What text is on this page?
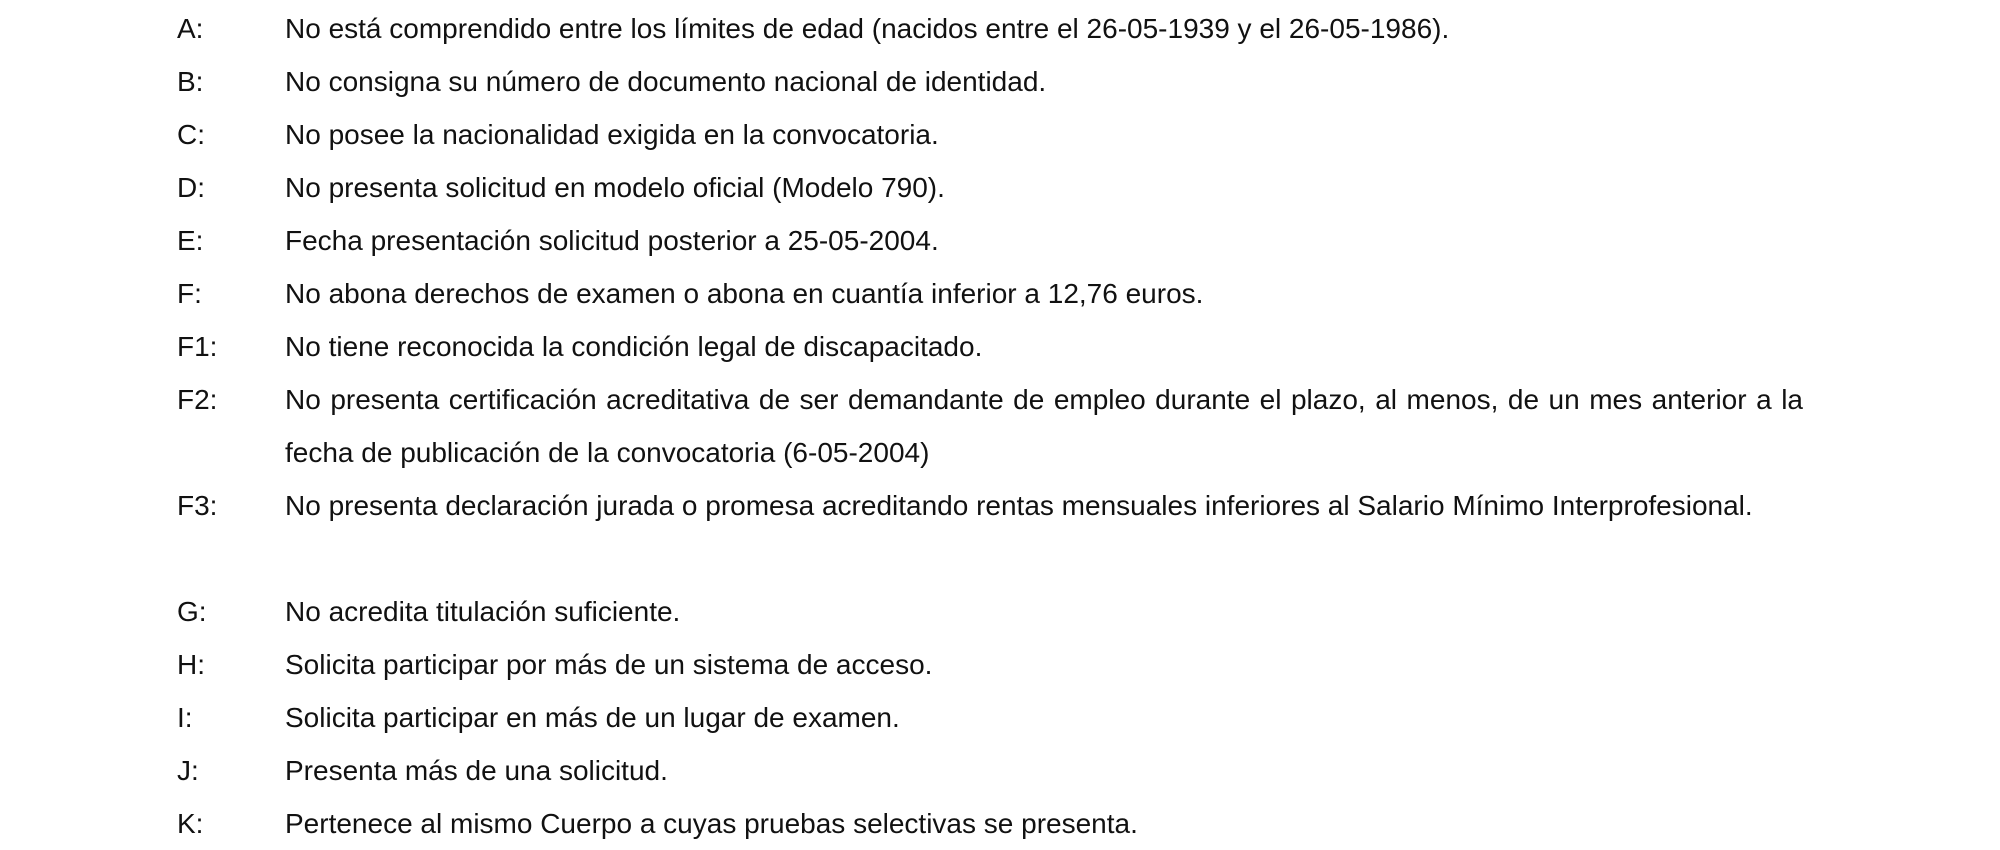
A:	No está comprendido entre los límites de edad (nacidos entre el 26-05-1939 y el 26-05-1986).
B:	No consigna su número de documento nacional de identidad.
C:	No posee la nacionalidad exigida en la convocatoria.
D:	No presenta solicitud en modelo oficial (Modelo 790).
E:	Fecha presentación solicitud posterior a 25-05-2004.
F:	No abona derechos de examen o abona en cuantía inferior a 12,76 euros.
F1: No tiene reconocida la condición legal de discapacitado.
F2: No presenta certificación acreditativa de ser demandante de empleo durante el plazo, al menos, de un mes anterior a la fecha de publicación de la convocatoria (6-05-2004)
F3: No presenta declaración jurada o promesa acreditando rentas mensuales inferiores al Salario Mínimo Interprofesional.
G:	No acredita titulación suficiente.
H:	Solicita participar por más de un sistema de acceso.
I:	Solicita participar en más de un lugar de examen.
J:	Presenta más de una solicitud.
K:	Pertenece al mismo Cuerpo a cuyas pruebas selectivas se presenta.
